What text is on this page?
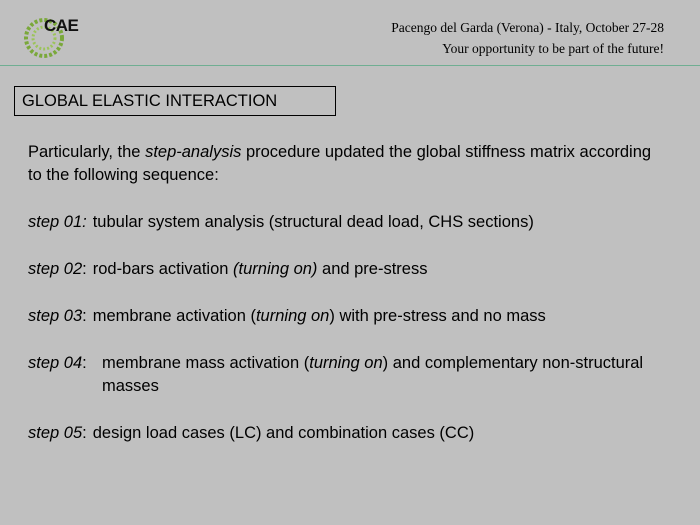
CAE	Pacengo del Garda (Verona) - Italy, October 27-28
Your opportunity to be part of the future!
GLOBAL ELASTIC INTERACTION

Particularly, the step-analysis procedure updated the global stiffness matrix according to the following sequence:

step 01: tubular system analysis (structural dead load, CHS sections)
step 02: rod-bars activation (turning on) and pre-stress
step 03: membrane activation (turning on) with pre-stress and no mass
step 04: membrane mass activation (turning on) and complementary non-structural masses
step 05: design load cases (LC) and combination cases (CC)
